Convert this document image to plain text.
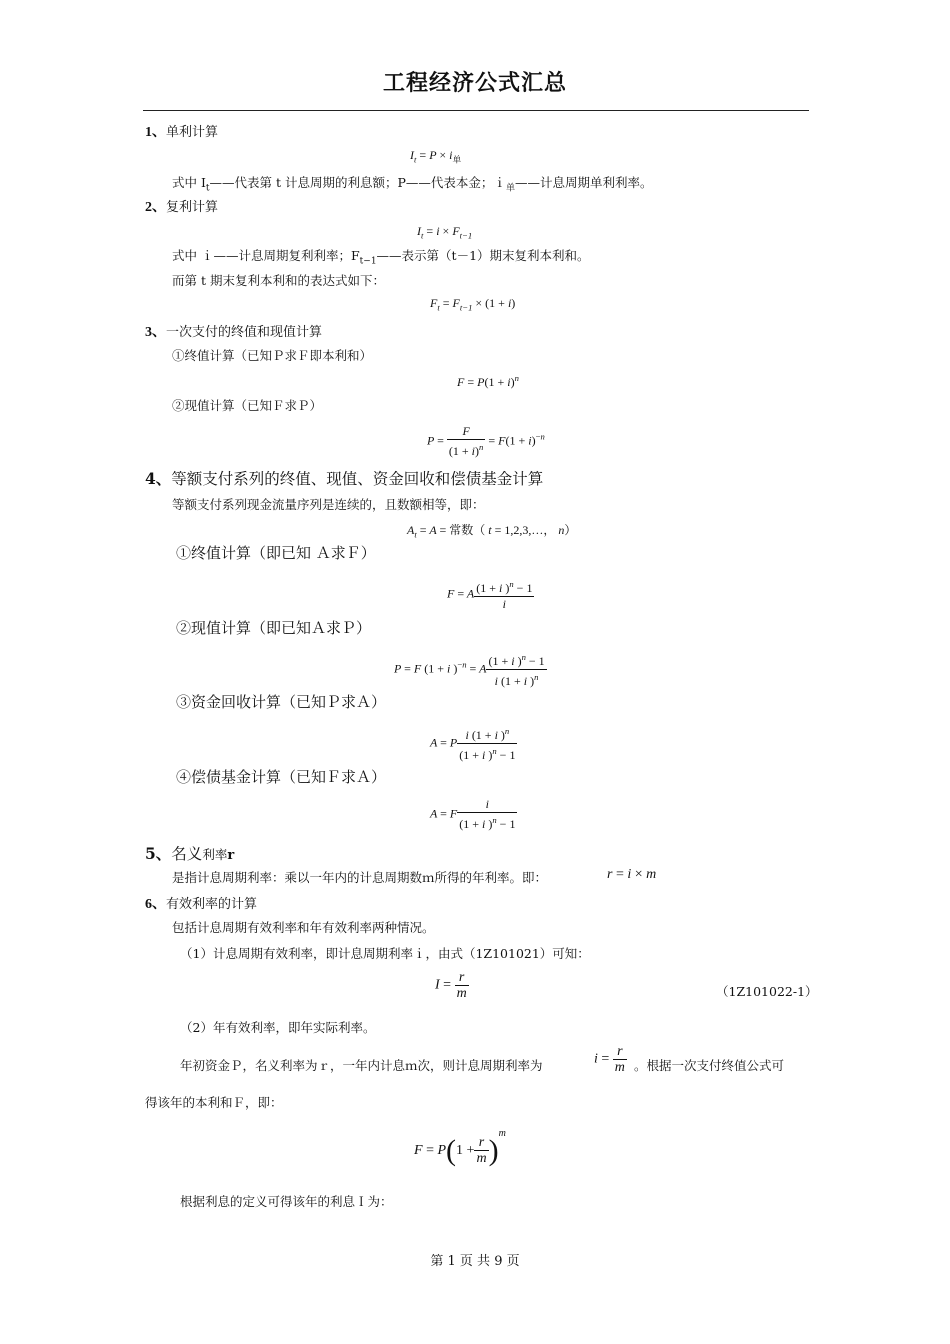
工程经济公式汇总
1、单利计算
$I_t = P \times i_单$
式中 $I_t——$代表第 t 计息周期的利息额；P——代表本金；ｉ$_单$——计息周期单利利率。
2、复利计算
$I_t = i \times F_{t-1}$
式中 ｉ——计息周期复利利率；$F_{t-1}——$表示第（t－1）期末复利本利和。
而第 t 期末复利本利和的表达式如下：
$F_t = F_{t-1} \times (1 + i)$
3、一次支付的终值和现值计算
①终值计算（已知Ｐ求Ｆ即本利和）
$F = P(1 + i)^n$
②现值计算（已知Ｆ求Ｐ）
$P = \frac{F}{(1 + i)^n} = F(1 + i)^{-n}$
4、等额支付系列的终值、现值、资金回收和偿债基金计算
等额支付系列现金流量序列是连续的，且数额相等，即：
$A_t = A$ = 常数（ t = 1,2,3,…， n）
①终值计算（即已知 Ａ求Ｆ）
F = A $\frac{(1 + i )^n - 1}{i}$
②现值计算（即已知Ａ求Ｐ）
P = F (1 + i )$^{-n}$ = A $\frac{(1 + i )^n - 1}{i (1 + i )^n}$
③资金回收计算（已知Ｐ求Ａ）
A = P $\frac{i (1 + i )^n}{(1 + i )^n - 1}$
④偿债基金计算（已知Ｆ求Ａ）
A = F $\frac{i}{(1 + i )^n - 1}$
5、名义利率r
是指计息周期利率：乘以一年内的计息周期数ｍ所得的年利率。即：	r = i × m
6、有效利率的计算
包括计息周期有效利率和年有效利率两种情况。
（1）计息周期有效利率，即计息周期利率ｉ，由式（1Z101021）可知：
$I = \frac{r}{m}$	（1Z101022-1）
（2）年有效利率，即年实际利率。
年初资金Ｐ，名义利率为ｒ，一年内计息ｍ次，则计息周期利率为	$i = \frac{r}{m}$ 。根据一次支付终值公式可
得该年的本利和Ｆ，即：
$F = P(1 + \frac{r}{m} )^m$
根据利息的定义可得该年的利息Ｉ为：
第 1 页 共 9 页
